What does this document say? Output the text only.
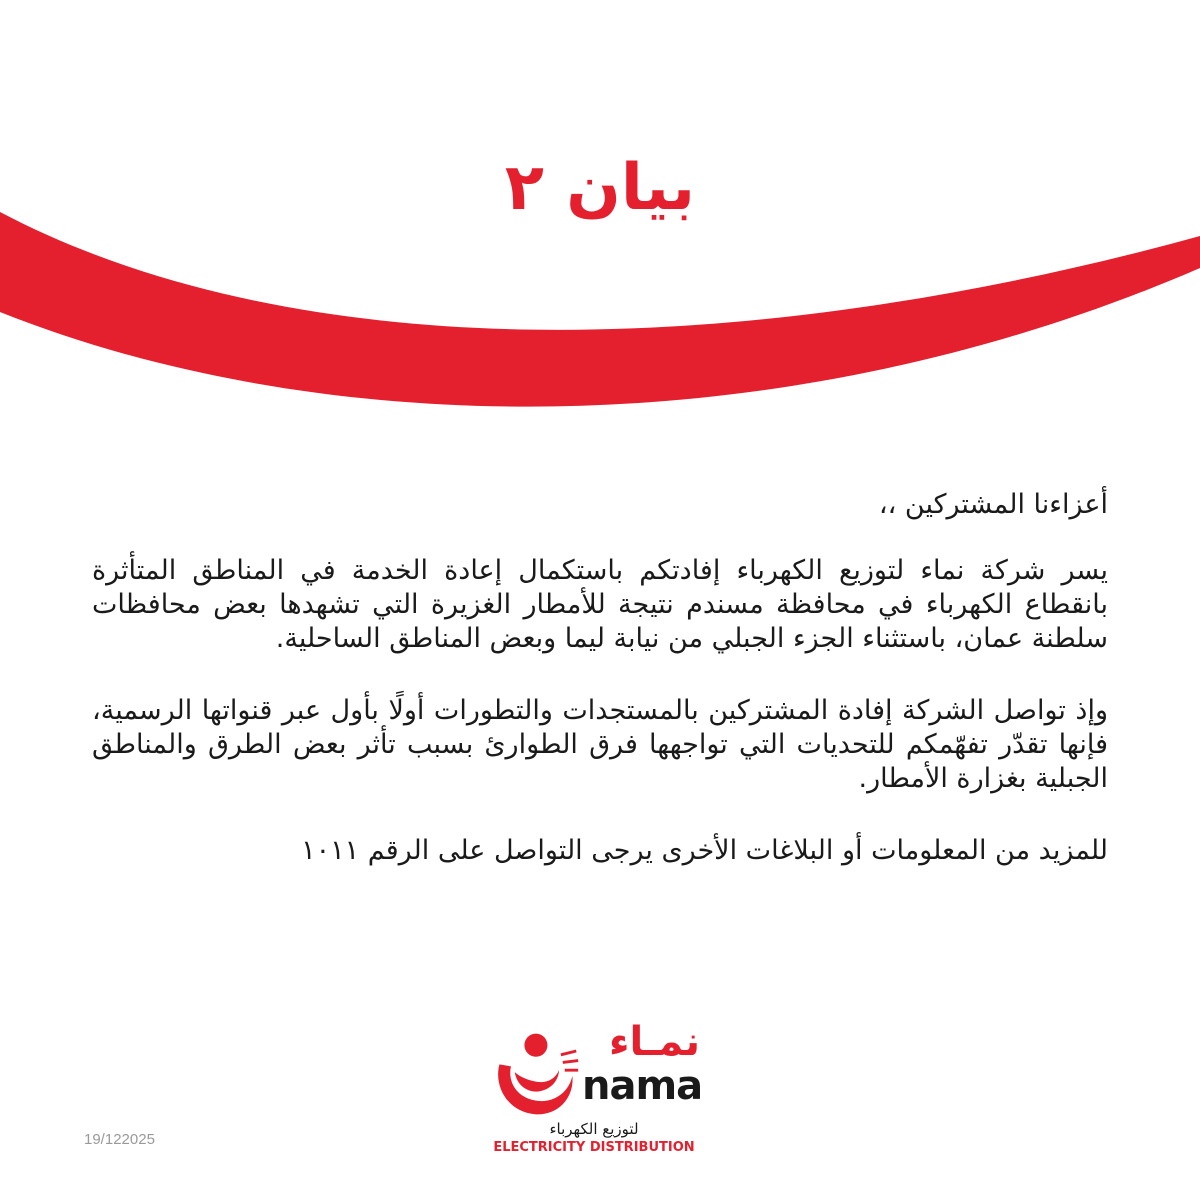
بيان ٢

أعزاءنا المشتركين ،،

يسر شركة نماء لتوزيع الكهرباء إفادتكم باستكمال إعادة الخدمة في المناطق المتأثرة بانقطاع الكهرباء في محافظة مسندم نتيجة للأمطار الغزيرة التي تشهدها بعض محافظات سلطنة عمان، باستثناء الجزء الجبلي من نيابة ليما وبعض المناطق الساحلية.

وإذ تواصل الشركة إفادة المشتركين بالمستجدات والتطورات أولًا بأول عبر قنواتها الرسمية، فإنها تقدّر تفهّمكم للتحديات التي تواجهها فرق الطوارئ بسبب تأثر بعض الطرق والمناطق الجبلية بغزارة الأمطار.

للمزيد من المعلومات أو البلاغات الأخرى يرجى التواصل على الرقم ١٠١١

نمـاء
nama
لتوزيع الكهرباء
ELECTRICITY DISTRIBUTION
19/122025
